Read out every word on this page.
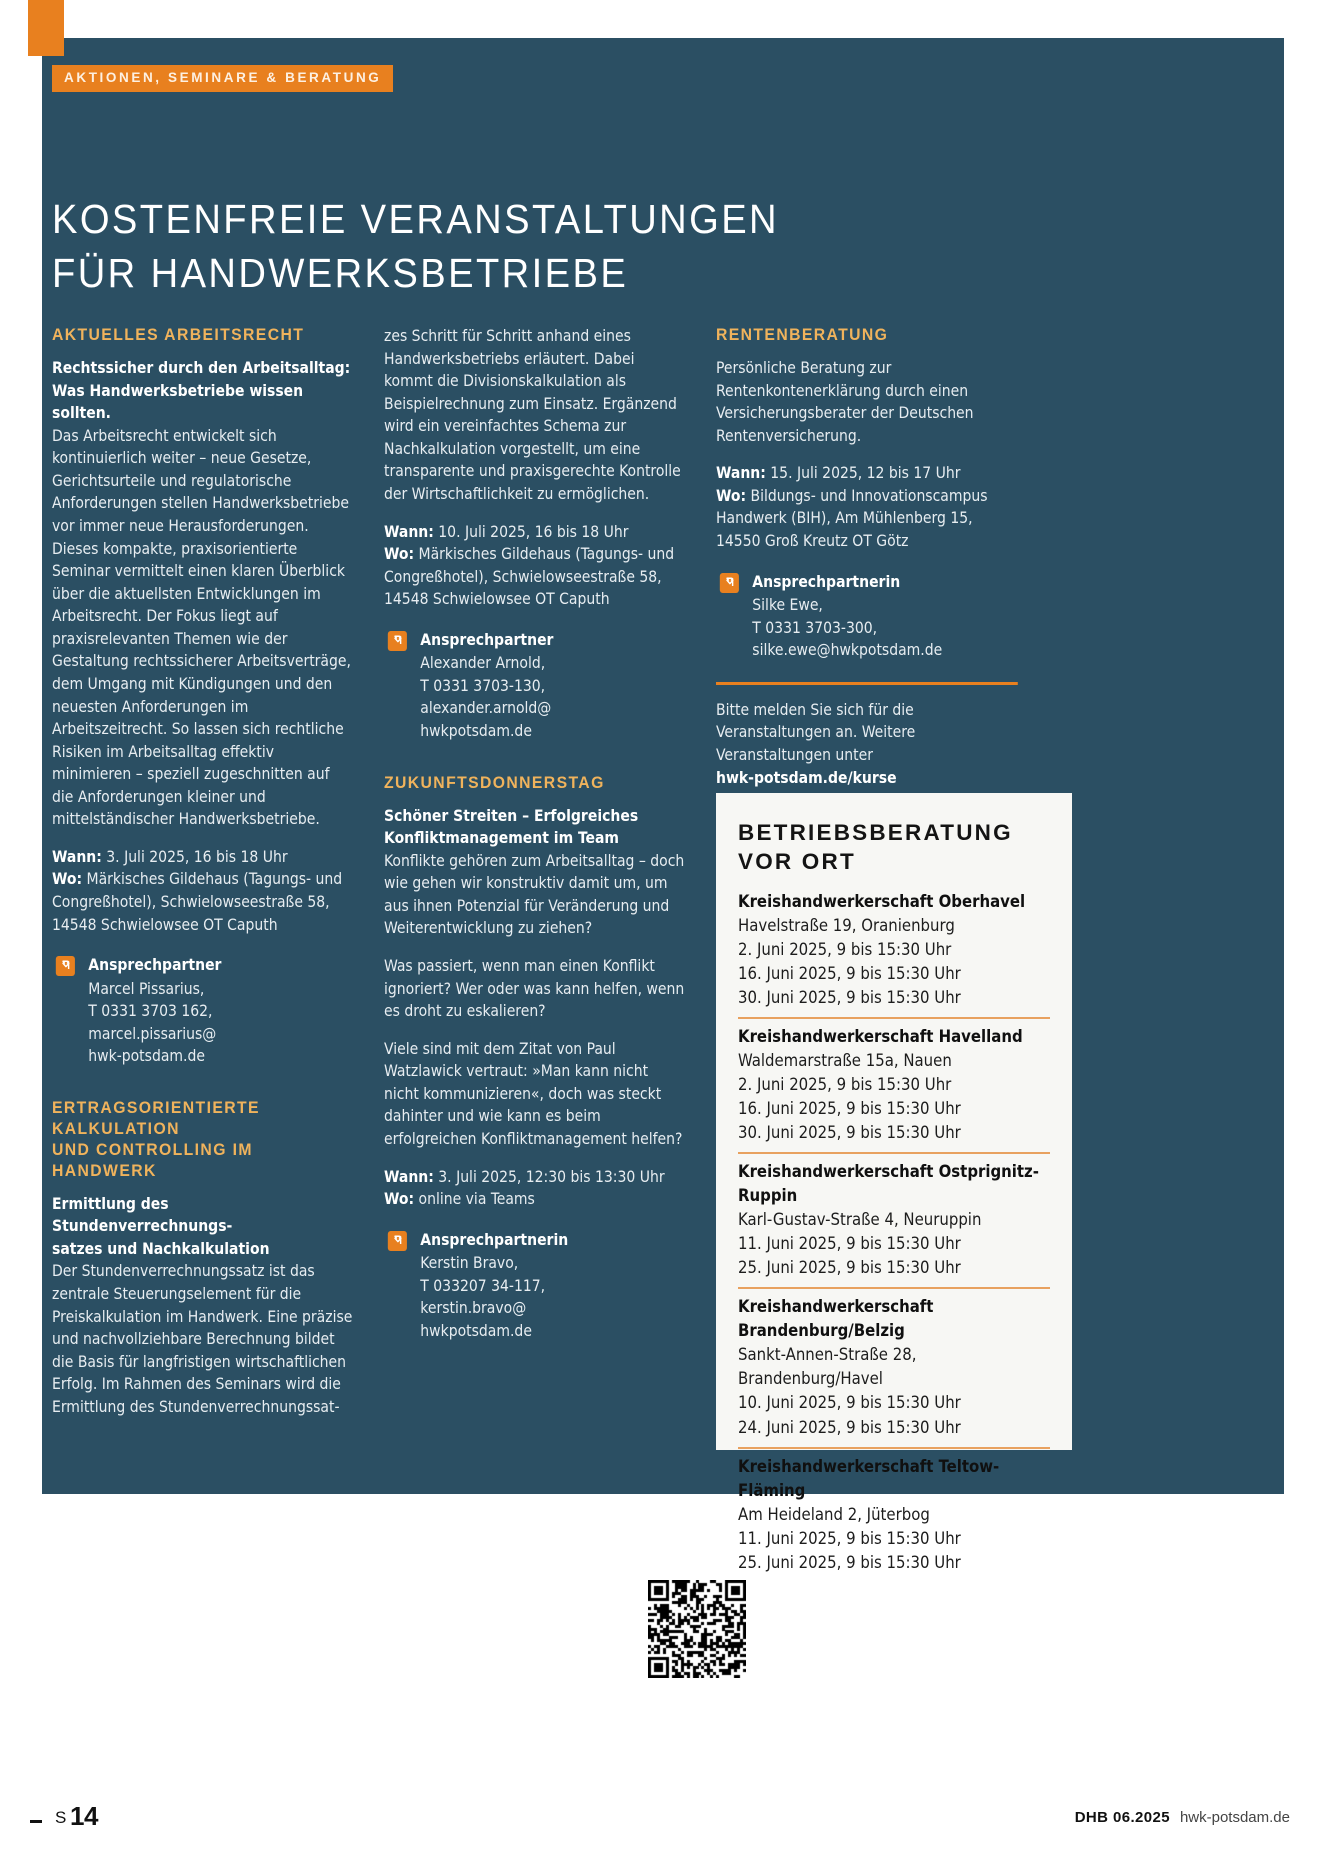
AKTIONEN, SEMINARE & BERATUNG
KOSTENFREIE VERANSTALTUNGEN
FÜR HANDWERKSBETRIEBE
AKTUELLES ARBEITSRECHT

Rechtssicher durch den Arbeitsalltag:

Was Handwerksbetriebe wissen sollten.

Das Arbeitsrecht entwickelt sich kontinuierlich weiter – neue Gesetze, Gerichtsurteile und regulatorische Anforderungen stellen Handwerksbetriebe vor immer neue Herausforderungen. Dieses kompakte, praxisorientierte Seminar vermittelt einen klaren Überblick über die aktuellsten Entwicklungen im Arbeitsrecht. Der Fokus liegt auf praxisrelevanten Themen wie der Gestaltung rechtssicherer Arbeitsverträge, dem Umgang mit Kündigungen und den neuesten Anforderungen im Arbeitszeitrecht. So lassen sich rechtliche Risiken im Arbeitsalltag effektiv minimieren – speziell zugeschnitten auf die Anforderungen kleiner und mittelständischer Handwerksbetriebe.

Wann: 3. Juli 2025, 16 bis 18 Uhr
Wo: Märkisches Gildehaus (Tagungs- und Congreßhotel), Schwielowseestraße 58, 14548 Schwielowsee OT Caputh

Ansprechpartner
Marcel Pissarius,
T 0331 3703 162,
marcel.pissarius@
hwk-potsdam.de
ERTRAGSORIENTIERTE
KALKULATION
UND CONTROLLING IM
HANDWERK

Ermittlung des Stundenverrechnungs-

satzes und Nachkalkulation

Der Stundenverrechnungssatz ist das zentrale Steuerungselement für die Preiskalkulation im Handwerk. Eine präzise und nachvollziehbare Berechnung bildet die Basis für langfristigen wirtschaftlichen Erfolg. Im Rahmen des Seminars wird die Ermittlung des Stundenverrechnungssat-

zes Schritt für Schritt anhand eines Handwerksbetriebs erläutert. Dabei kommt die Divisionskalkulation als Beispielrechnung zum Einsatz. Ergänzend wird ein vereinfachtes Schema zur Nachkalkulation vorgestellt, um eine transparente und praxisgerechte Kontrolle der Wirtschaftlichkeit zu ermöglichen.

Wann: 10. Juli 2025, 16 bis 18 Uhr
Wo: Märkisches Gildehaus (Tagungs- und Congreßhotel), Schwielowseestraße 58, 14548 Schwielowsee OT Caputh

Ansprechpartner
Alexander Arnold,
T 0331 3703-130,
alexander.arnold@
hwkpotsdam.de
ZUKUNFTSDONNERSTAG

Schöner Streiten – Erfolgreiches

Konfliktmanagement im Team

Konflikte gehören zum Arbeitsalltag – doch wie gehen wir konstruktiv damit um, um aus ihnen Potenzial für Veränderung und Weiterentwicklung zu ziehen?

Was passiert, wenn man einen Konflikt ignoriert? Wer oder was kann helfen, wenn es droht zu eskalieren?

Viele sind mit dem Zitat von Paul Watzlawick vertraut: »Man kann nicht nicht kommunizieren«, doch was steckt dahinter und wie kann es beim erfolgreichen Konfliktmanagement helfen?

Wann: 3. Juli 2025, 12:30 bis 13:30 Uhr
Wo: online via Teams

Ansprechpartnerin
Kerstin Bravo,
T 033207 34-117,
kerstin.bravo@
hwkpotsdam.de
RENTENBERATUNG

Persönliche Beratung zur Rentenkontenerklärung durch einen Versicherungsberater der Deutschen Rentenversicherung.

Wann: 15. Juli 2025, 12 bis 17 Uhr
Wo: Bildungs- und Innovationscampus Handwerk (BIH), Am Mühlenberg 15, 14550 Groß Kreutz OT Götz

Ansprechpartnerin
Silke Ewe,
T 0331 3703-300,
silke.ewe@hwkpotsdam.de

Bitte melden Sie sich für die Veranstaltungen an. Weitere Veranstaltungen unter
hwk-potsdam.de/kurse

BETRIEBSBERATUNG
VOR ORT
Kreishandwerkerschaft Oberhavel
Havelstraße 19, Oranienburg
2. Juni 2025, 9 bis 15:30 Uhr
16. Juni 2025, 9 bis 15:30 Uhr
30. Juni 2025, 9 bis 15:30 Uhr
Kreishandwerkerschaft Havelland
Waldemarstraße 15a, Nauen
2. Juni 2025, 9 bis 15:30 Uhr
16. Juni 2025, 9 bis 15:30 Uhr
30. Juni 2025, 9 bis 15:30 Uhr
Kreishandwerkerschaft Ostprignitz-Ruppin
Karl-Gustav-Straße 4, Neuruppin
11. Juni 2025, 9 bis 15:30 Uhr
25. Juni 2025, 9 bis 15:30 Uhr
Kreishandwerkerschaft Brandenburg/Belzig
Sankt-Annen-Straße 28, Brandenburg/Havel
10. Juni 2025, 9 bis 15:30 Uhr
24. Juni 2025, 9 bis 15:30 Uhr
Kreishandwerkerschaft Teltow-Fläming
Am Heideland 2, Jüterbog
11. Juni 2025, 9 bis 15:30 Uhr
25. Juni 2025, 9 bis 15:30 Uhr
S 14	DHB 06.2025 hwk-potsdam.de
